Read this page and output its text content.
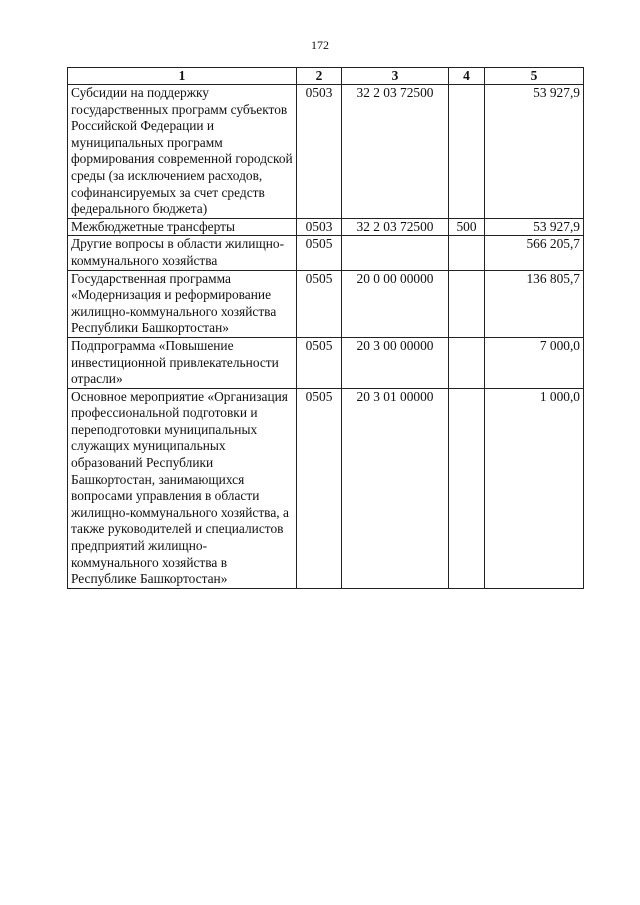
172
1	2	3	4	5
Субсидии на поддержку государственных программ субъектов Российской Федерации и муниципальных программ формирования современной городской среды (за исключением расходов, софинансируемых за счет средств федерального бюджета)	0503	32 2 03 72500		53 927,9
Межбюджетные трансферты	0503	32 2 03 72500	500	53 927,9
Другие вопросы в области жилищно-коммунального хозяйства	0505			566 205,7
Государственная программа «Модернизация и реформирование жилищно-коммунального хозяйства Республики Башкортостан»	0505	20 0 00 00000		136 805,7
Подпрограмма «Повышение инвестиционной привлекательности отрасли»	0505	20 3 00 00000		7 000,0
Основное мероприятие «Организация профессиональной подготовки и переподготовки муниципальных служащих муниципальных образований Республики Башкортостан, занимающихся вопросами управления в области жилищно-коммунального хозяйства, а также руководителей и специалистов предприятий жилищно-коммунального хозяйства в Республике Башкортостан»	0505	20 3 01 00000		1 000,0
